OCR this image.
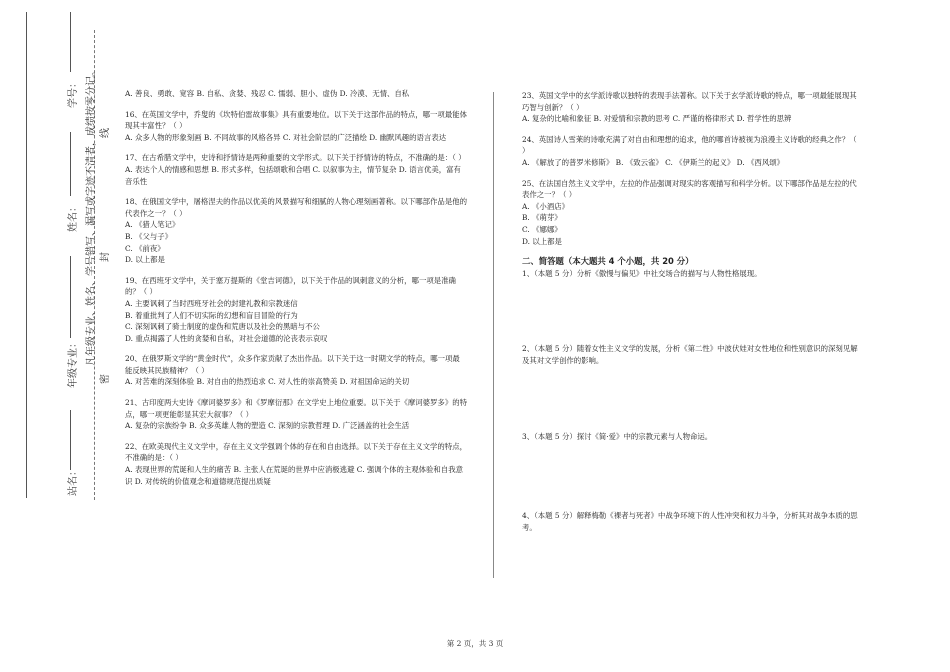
学号：
姓名：
年级专业：
站名：
凡年级专业、姓名、学号错写、漏写或字迹不清者，成绩按零分记。 线
封
密

A. 善良、勇敢、宽容 B. 自私、贪婪、残忍 C. 懦弱、胆小、虚伪 D. 冷漠、无情、自私

16、在英国文学中，乔叟的《坎特伯雷故事集》具有重要地位。以下关于这部作品的特点，哪一项最能体现其丰富性？（ ）

A. 众多人物的形象刻画 B. 不同故事的风格各异 C. 对社会阶层的广泛描绘 D. 幽默风趣的语言表达

17、在古希腊文学中，史诗和抒情诗是两种重要的文学形式。以下关于抒情诗的特点，不准确的是：（ ）

A. 表达个人的情感和思想 B. 形式多样，包括颂歌和合唱 C. 以叙事为主，情节复杂 D. 语言优美，富有音乐性

18、在俄国文学中，屠格涅夫的作品以优美的风景描写和细腻的人物心理刻画著称。以下哪部作品是他的代表作之一？（ ）

A. 《猎人笔记》

B. 《父与子》

C. 《前夜》

D. 以上都是

19、在西班牙文学中，关于塞万提斯的《堂吉诃德》，以下关于作品的讽刺意义的分析，哪一项是准确的？（ ）

A. 主要讽刺了当时西班牙社会的封建礼教和宗教迷信

B. 着重批判了人们不切实际的幻想和盲目冒险的行为

C. 深刻讽刺了骑士制度的虚伪和荒唐以及社会的黑暗与不公

D. 重点揭露了人性的贪婪和自私，对社会道德的沦丧表示哀叹

20、在俄罗斯文学的“黄金时代”，众多作家贡献了杰出作品。以下关于这一时期文学的特点，哪一项最能反映其民族精神？（ ）

A. 对苦难的深刻体验 B. 对自由的热烈追求 C. 对人性的崇高赞美 D. 对祖国命运的关切

21、古印度两大史诗《摩诃婆罗多》和《罗摩衍那》在文学史上地位重要。以下关于《摩诃婆罗多》的特点，哪一项更能彰显其宏大叙事？（ ）

A. 复杂的宗族纷争 B. 众多英雄人物的塑造 C. 深刻的宗教哲理 D. 广泛涵盖的社会生活

22、在欧美现代主义文学中，存在主义文学强调个体的存在和自由选择。以下关于存在主义文学的特点，不准确的是：（ ）

A. 表现世界的荒诞和人生的痛苦 B. 主张人在荒诞的世界中应消极逃避 C. 强调个体的主观体验和自我意识 D. 对传统的价值观念和道德规范提出质疑

23、英国文学中的玄学派诗歌以独特的表现手法著称。以下关于玄学派诗歌的特点，哪一项最能展现其巧智与创新？（ ）

A. 复杂的比喻和象征 B. 对爱情和宗教的思考 C. 严谨的格律形式 D. 哲学性的思辨

24、英国诗人雪莱的诗歌充满了对自由和理想的追求，他的哪首诗被视为浪漫主义诗歌的经典之作？（ ）

A. 《解放了的普罗米修斯》 B. 《致云雀》 C. 《伊斯兰的起义》 D. 《西风颂》

25、在法国自然主义文学中，左拉的作品强调对现实的客观描写和科学分析。以下哪部作品是左拉的代表作之一？（ ）

A. 《小酒店》

B. 《萌芽》

C. 《娜娜》

D. 以上都是

二、简答题（本大题共 4 个小题，共 20 分）

1、（本题 5 分）分析《傲慢与偏见》中社交场合的描写与人物性格展现。

2、（本题 5 分）随着女性主义文学的发展，分析《第二性》中波伏娃对女性地位和性别意识的深刻见解及其对文学创作的影响。

3、（本题 5 分）探讨《简·爱》中的宗教元素与人物命运。

4、（本题 5 分）解释梅勒《裸者与死者》中战争环境下的人性冲突和权力斗争，分析其对战争本质的思考。

第 2 页，共 3 页
